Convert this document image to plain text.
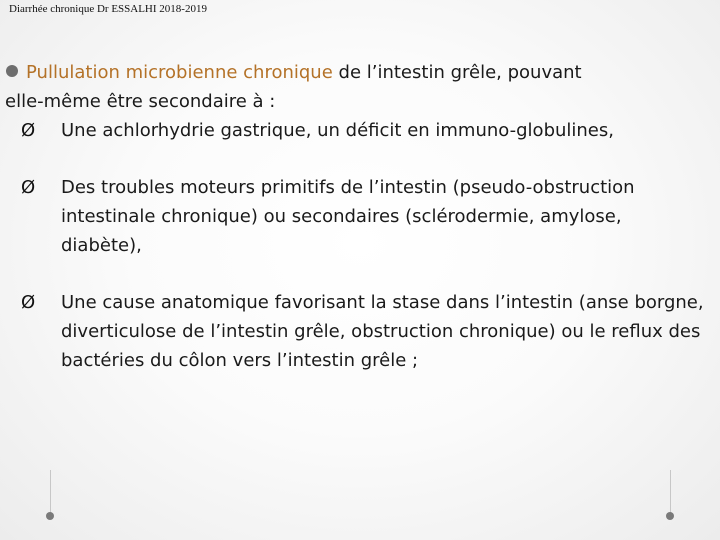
Diarrhée chronique Dr ESSALHI 2018-2019
Pullulation microbienne chronique de l’intestin grêle, pouvant
elle-même être secondaire à :
Ø Une achlorhydrie gastrique, un déficit en immuno-globulines,
Ø Des troubles moteurs primitifs de l’intestin (pseudo-obstruction intestinale chronique) ou secondaires (sclérodermie, amylose, diabète),
Ø Une cause anatomique favorisant la stase dans l’intestin (anse borgne, diverticulose de l’intestin grêle, obstruction chronique) ou le reflux des bactéries du côlon vers l’intestin grêle ;
